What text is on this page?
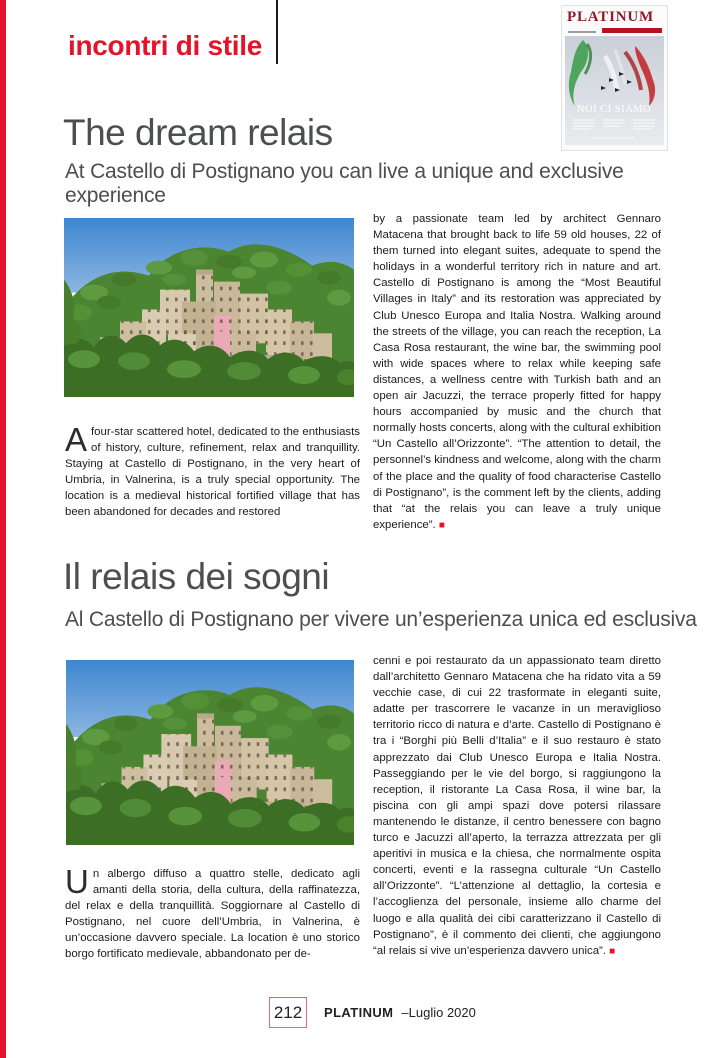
incontri di stile
PLATINUM
NOI CI SIAMO
The dream relais
At Castello di Postignano you can live a unique and exclusive experience
Afour-star scattered hotel, dedicated to the enthusiasts of history, culture, refinement, relax and tranquillity. Staying at Castello di Postignano, in the very heart of Umbria, in Valnerina, is a truly special opportunity. The location is a medieval historical fortified village that has been abandoned for decades and restored
by a passionate team led by architect Gennaro Matacena that brought back to life 59 old houses, 22 of them turned into elegant suites, adequate to spend the holidays in a wonderful territory rich in nature and art. Castello di Postignano is among the “Most Beautiful Villages in Italy” and its restoration was appreciated by Club Unesco Europa and Italia Nostra. Walking around the streets of the village, you can reach the reception, La Casa Rosa restaurant, the wine bar, the swimming pool with wide spaces where to relax while keeping safe distances, a wellness centre with Turkish bath and an open air Jacuzzi, the terrace properly fitted for happy hours accompanied by music and the church that normally hosts concerts, along with the cultural exhibition “Un Castello all’Orizzonte”. “The attention to detail, the personnel’s kindness and welcome, along with the charm of the place and the quality of food characterise Castello di Postignano”, is the comment left by the clients, adding that “at the relais you can leave a truly unique experience”. ■
Il relais dei sogni
Al Castello di Postignano per vivere un’esperienza unica ed esclusiva
Un albergo diffuso a quattro stelle, dedicato agli amanti della storia, della cultura, della raffinatezza, del relax e della tranquillità. Soggiornare al Castello di Postignano, nel cuore dell’Umbria, in Valnerina, è un’occasione davvero speciale. La location è uno storico borgo fortificato medievale, abbandonato per de-
cenni e poi restaurato da un appassionato team diretto dall’architetto Gennaro Matacena che ha ridato vita a 59 vecchie case, di cui 22 trasformate in eleganti suite, adatte per trascorrere le vacanze in un meraviglioso territorio ricco di natura e d’arte. Castello di Postignano è tra i “Borghi più Belli d’Italia” e il suo restauro è stato apprezzato dai Club Unesco Europa e Italia Nostra. Passeggiando per le vie del borgo, si raggiungono la reception, il ristorante La Casa Rosa, il wine bar, la piscina con gli ampi spazi dove potersi rilassare mantenendo le distanze, il centro benessere con bagno turco e Jacuzzi all’aperto, la terrazza attrezzata per gli aperitivi in musica e la chiesa, che normalmente ospita concerti, eventi e la rassegna culturale “Un Castello all’Orizzonte”. “L’attenzione al dettaglio, la cortesia e l’accoglienza del personale, insieme allo charme del luogo e alla qualità dei cibi caratterizzano il Castello di Postignano”, è il commento dei clienti, che aggiungono “al relais si vive un’esperienza davvero unica”. ■
212 PLATINUM –Luglio 2020
